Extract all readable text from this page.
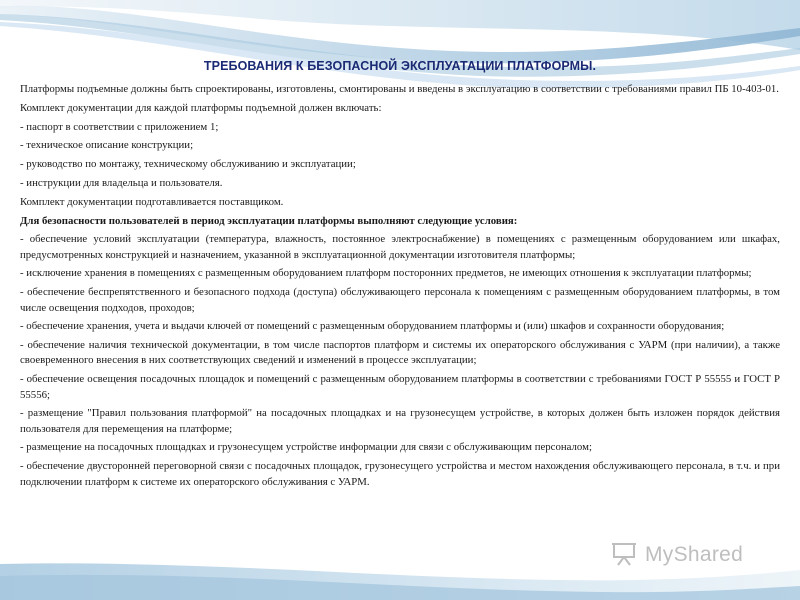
ТРЕБОВАНИЯ К БЕЗОПАСНОЙ ЭКСПЛУАТАЦИИ ПЛАТФОРМЫ.

Платформы подъемные должны быть спроектированы, изготовлены, смонтированы и введены в эксплуатацию в соответствии с требованиями правил ПБ 10-403-01.

Комплект документации для каждой платформы подъемной должен включать:

- паспорт в соответствии с приложением 1;

- техническое описание конструкции;

- руководство по монтажу, техническому обслуживанию и эксплуатации;

- инструкции для владельца и пользователя.

Комплект документации подготавливается поставщиком.

Для безопасности пользователей в период эксплуатации платформы выполняют следующие условия:

- обеспечение условий эксплуатации (температура, влажность, постоянное электроснабжение) в помещениях с размещенным оборудованием или шкафах, предусмотренных конструкцией и назначением, указанной в эксплуатационной документации изготовителя платформы;

- исключение хранения в помещениях с размещенным оборудованием платформ посторонних предметов, не имеющих отношения к эксплуатации платформы;

- обеспечение беспрепятственного и безопасного подхода (доступа) обслуживающего персонала к помещениям с размещенным оборудованием платформы, в том числе освещения подходов, проходов;

- обеспечение хранения, учета и выдачи ключей от помещений с размещенным оборудованием платформы и (или) шкафов и сохранности оборудования;

- обеспечение наличия технической документации, в том числе паспортов платформ и системы их операторского обслуживания с УАРМ (при наличии), а также своевременного внесения в них соответствующих сведений и изменений в процессе эксплуатации;

- обеспечение освещения посадочных площадок и помещений с размещенным оборудованием платформы в соответствии с требованиями ГОСТ Р 55555 и ГОСТ Р 55556;

- размещение "Правил пользования платформой" на посадочных площадках и на грузонесущем устройстве, в которых должен быть изложен порядок действия пользователя для перемещения на платформе;

- размещение на посадочных площадках и грузонесущем устройстве информации для связи с обслуживающим персоналом;

- обеспечение двусторонней переговорной связи с посадочных площадок, грузонесущего устройства и местом нахождения обслуживающего персонала, в т.ч. и при подключении платформ к системе их операторского обслуживания с УАРМ.

MyShared
